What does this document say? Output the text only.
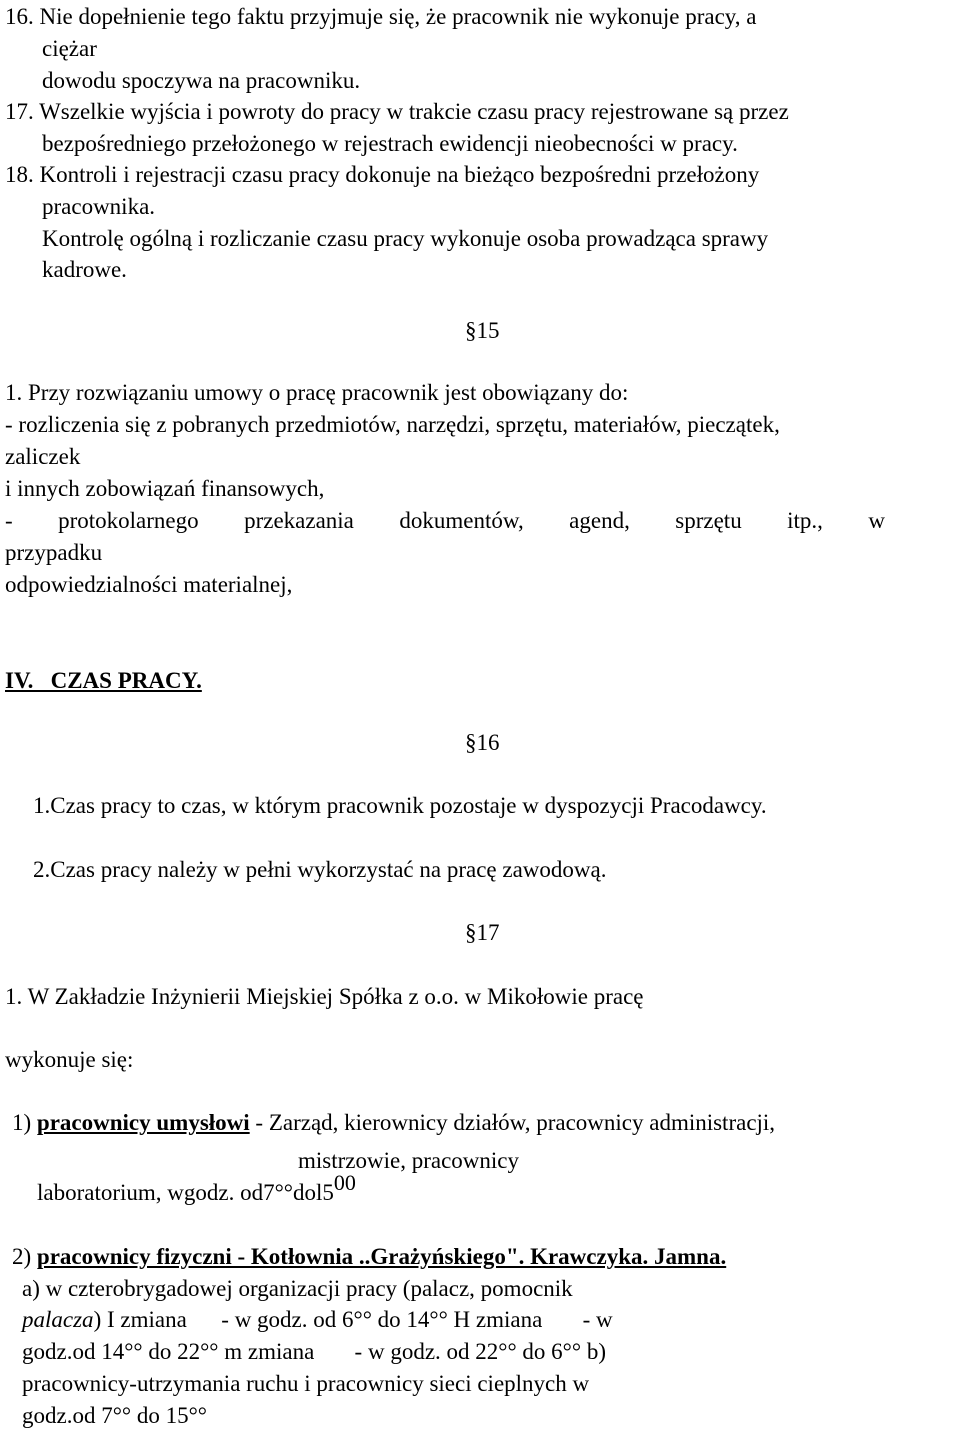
16. Nie dopełnienie tego faktu przyjmuje się, że pracownik nie wykonuje pracy, a
ciężar
dowodu spoczywa na pracowniku.
17. Wszelkie wyjścia i powroty do pracy w trakcie czasu pracy rejestrowane są przez
bezpośredniego przełożonego w rejestrach ewidencji nieobecności w pracy.
18. Kontroli i rejestracji czasu pracy dokonuje na bieżąco bezpośredni przełożony
pracownika.
Kontrolę ogólną i rozliczanie czasu pracy wykonuje osoba prowadząca sprawy
kadrowe.
§15
1. Przy rozwiązaniu umowy o pracę pracownik jest obowiązany do:
- rozliczenia się z pobranych przedmiotów, narzędzi, sprzętu, materiałów, pieczątek,
zaliczek
i innych zobowiązań finansowych,
- protokolarnego przekazania dokumentów, agend, sprzętu itp., w
przypadku
odpowiedzialności materialnej,
IV.   CZAS PRACY.
§16
1.Czas pracy to czas, w którym pracownik pozostaje w dyspozycji Pracodawcy.
2.Czas pracy należy w pełni wykorzystać na pracę zawodową.
§17
1. W Zakładzie Inżynierii Miejskiej Spółka z o.o. w Mikołowie pracę
wykonuje się:
1) pracownicy umysłowi - Zarząd, kierownicy działów, pracownicy administracji,
mistrzowie, pracownicy
laboratorium, wgodz. od7°°dol500
2) pracownicy fizyczni - Kotłownia ..Grażyńskiego". Krawczyka. Jamna.
a) w czterobrygadowej organizacji pracy (palacz, pomocnik
palacza) I zmiana      - w godz. od 6°° do 14°° H zmiana       - w
godz.od 14°° do 22°° m zmiana       - w godz. od 22°° do 6°° b)
pracownicy-utrzymania ruchu i pracownicy sieci cieplnych w
godz.od 7°° do 15°°
